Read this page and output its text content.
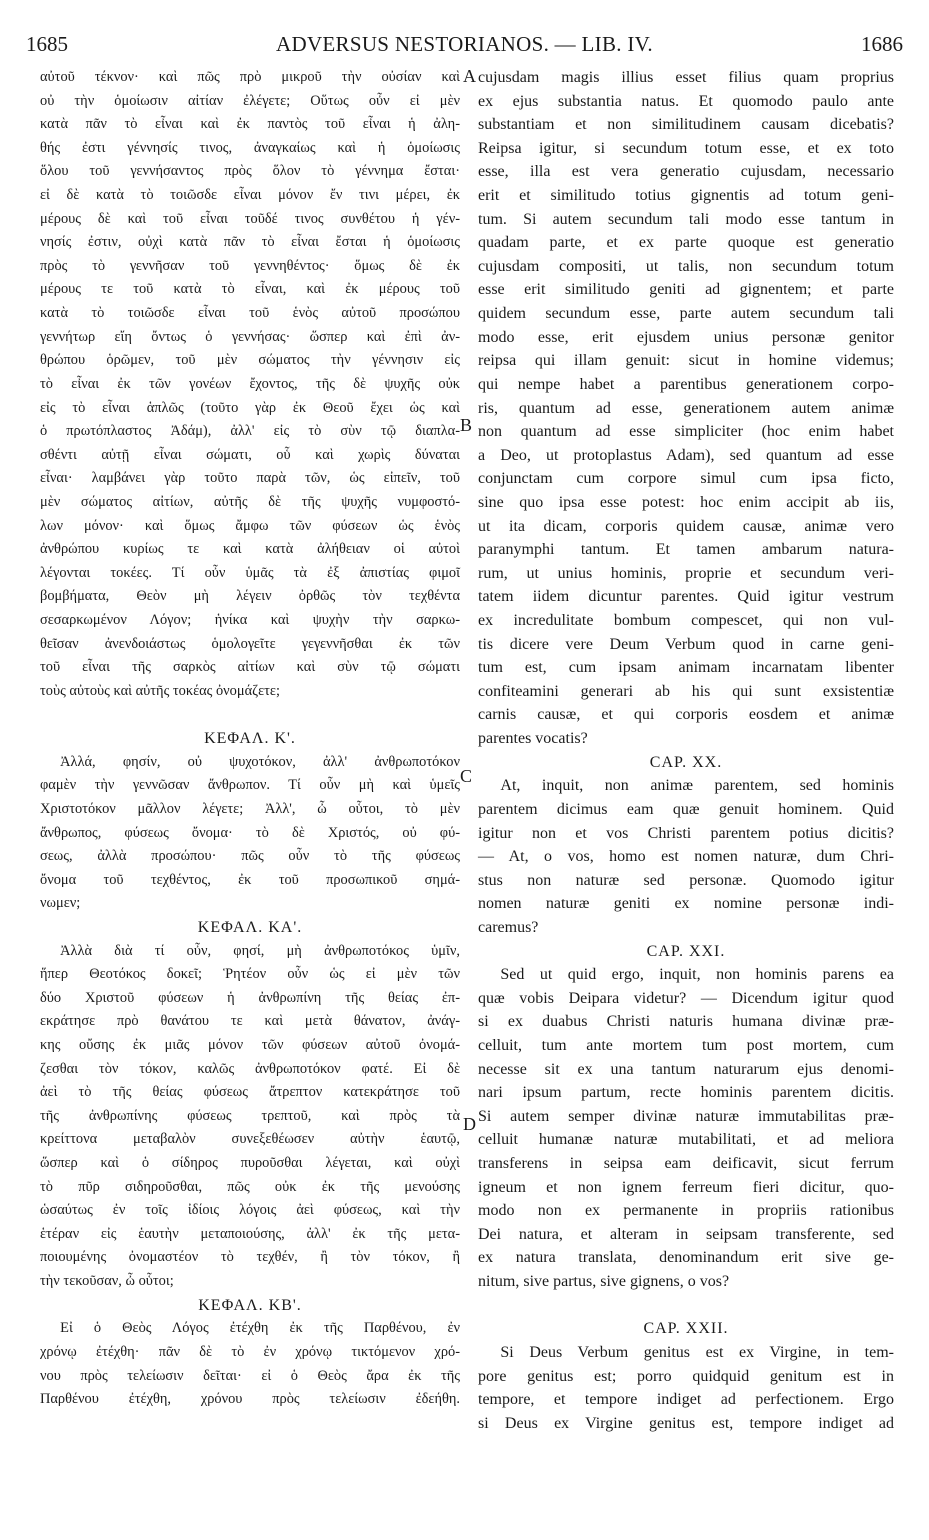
1685	ADVERSUS NESTORIANOS. — LIB. IV.	1686
αὐτοῦ τέκνον· καὶ πῶς πρὸ μικροῦ τὴν οὐσίαν καὶ
οὐ τὴν ὁμοίωσιν αἰτίαν ἐλέγετε; Οὕτως οὖν εἰ μὲν
κατὰ πᾶν τὸ εἶναι καὶ ἐκ παντὸς τοῦ εἶναι ἡ ἀλη-
θής ἐστι γέννησίς τινος, ἀναγκαίως καὶ ἡ ὁμοίωσις
ὅλου τοῦ γεννήσαντος πρὸς ὅλον τὸ γέννημα ἔσται·
εἰ δὲ κατὰ τὸ τοιῶσδε εἶναι μόνον ἔν τινι μέρει, ἐκ
μέρους δὲ καὶ τοῦ εἶναι τοῦδέ τινος συνθέτου ἡ γέν-
νησίς ἐστιν, οὐχὶ κατὰ πᾶν τὸ εἶναι ἔσται ἡ ὁμοίωσις
πρὸς τὸ γεννῆσαν τοῦ γεννηθέντος· ὅμως δὲ ἐκ
μέρους τε τοῦ κατὰ τὸ εἶναι, καὶ ἐκ μέρους τοῦ
κατὰ τὸ τοιῶσδε εἶναι τοῦ ἑνὸς αὐτοῦ προσώπου
γεννήτωρ εἴη ὄντως ὁ γεννήσας· ὥσπερ καὶ ἐπὶ ἀν-
θρώπου ὁρῶμεν, τοῦ μὲν σώματος τὴν γέννησιν εἰς
τὸ εἶναι ἐκ τῶν γονέων ἔχοντος, τῆς δὲ ψυχῆς οὐκ
εἰς τὸ εἶναι ἁπλῶς (τοῦτο γὰρ ἐκ Θεοῦ ἔχει ὡς καὶ
ὁ πρωτόπλαστος Ἀδάμ), ἀλλ' εἰς τὸ σὺν τῷ διαπλα-
σθέντι αὐτῇ εἶναι σώματι, οὗ καὶ χωρὶς δύναται
εἶναι· λαμβάνει γὰρ τοῦτο παρὰ τῶν, ὡς εἰπεῖν, τοῦ
μὲν σώματος αἰτίων, αὐτῆς δὲ τῆς ψυχῆς νυμφοστό-
λων μόνον· καὶ ὅμως ἄμφω τῶν φύσεων ὡς ἑνὸς
ἀνθρώπου κυρίως τε καὶ κατὰ ἀλήθειαν οἱ αὐτοὶ
λέγονται τοκέες. Τί οὖν ὑμᾶς τὰ ἐξ ἀπιστίας φιμοῖ
βομβήματα, Θεὸν μὴ λέγειν ὀρθῶς τὸν τεχθέντα
σεσαρκωμένον Λόγον; ἡνίκα καὶ ψυχὴν τὴν σαρκω-
θεῖσαν ἀνενδοιάστως ὁμολογεῖτε γεγεννῆσθαι ἐκ τῶν
τοῦ εἶναι τῆς σαρκὸς αἰτίων καὶ σὺν τῷ σώματι
τοὺς αὐτοὺς καὶ αὐτῆς τοκέας ὀνομάζετε;
ΚΕΦΑΛ. Κ'.
Ἀλλά, φησίν, οὐ ψυχοτόκον, ἀλλ' ἀνθρωποτόκον
φαμὲν τὴν γεννῶσαν ἄνθρωπον. Τί οὖν μὴ καὶ ὑμεῖς
Χριστοτόκον μᾶλλον λέγετε; Ἀλλ', ὦ οὗτοι, τὸ μὲν
ἄνθρωπος, φύσεως ὄνομα· τὸ δὲ Χριστός, οὐ φύ-
σεως, ἀλλὰ προσώπου· πῶς οὖν τὸ τῆς φύσεως
ὄνομα τοῦ τεχθέντος, ἐκ τοῦ προσωπικοῦ σημά-
νωμεν;
ΚΕΦΑΛ. ΚΑ'.
Ἀλλὰ διὰ τί οὖν, φησί, μὴ ἀνθρωποτόκος ὑμῖν,
ἥπερ Θεοτόκος δοκεῖ; Ῥητέον οὖν ὡς εἰ μὲν τῶν
δύο Χριστοῦ φύσεων ἡ ἀνθρωπίνη τῆς θείας ἐπ-
εκράτησε πρὸ θανάτου τε καὶ μετὰ θάνατον, ἀνάγ-
κης οὔσης ἐκ μιᾶς μόνον τῶν φύσεων αὐτοῦ ὀνομά-
ζεσθαι τὸν τόκον, καλῶς ἀνθρωποτόκον φατέ. Εἰ δὲ
ἀεὶ τὸ τῆς θείας φύσεως ἄτρεπτον κατεκράτησε τοῦ
τῆς ἀνθρωπίνης φύσεως τρεπτοῦ, καὶ πρὸς τὰ
κρείττονα μεταβαλὸν συνεξεθέωσεν αὐτὴν ἑαυτῷ,
ὥσπερ καὶ ὁ σίδηρος πυροῦσθαι λέγεται, καὶ οὐχὶ
τὸ πῦρ σιδηροῦσθαι, πῶς οὐκ ἐκ τῆς μενούσης
ὡσαύτως ἐν τοῖς ἰδίοις λόγοις ἀεὶ φύσεως, καὶ τὴν
ἑτέραν εἰς ἑαυτὴν μεταποιούσης, ἀλλ' ἐκ τῆς μετα-
ποιουμένης ὀνομαστέον τὸ τεχθέν, ἢ τὸν τόκον, ἢ
τὴν τεκοῦσαν, ὦ οὗτοι;
ΚΕΦΑΛ. ΚΒ'.
Εἰ ὁ Θεὸς Λόγος ἐτέχθη ἐκ τῆς Παρθένου, ἐν
χρόνῳ ἐτέχθη· πᾶν δὲ τὸ ἐν χρόνῳ τικτόμενον χρό-
νου πρὸς τελείωσιν δεῖται· εἰ ὁ Θεὸς ἄρα ἐκ τῆς
Παρθένου ἐτέχθη, χρόνου πρὸς τελείωσιν ἐδεήθη.
cujusdam magis illius esset filius quam proprius
ex ejus substantia natus. Et quomodo paulo ante
substantiam et non similitudinem causam dicebatis?
Reipsa igitur, si secundum totum esse, et ex toto
esse, illa est vera generatio cujusdam, necessario
erit et similitudo totius gignentis ad totum geni-
tum. Si autem secundum tali modo esse tantum in
quadam parte, et ex parte quoque est generatio
cujusdam compositi, ut talis, non secundum totum
esse erit similitudo geniti ad gignentem; et parte
quidem secundum esse, parte autem secundum tali
modo esse, erit ejusdem unius personæ genitor
reipsa qui illam genuit: sicut in homine videmus;
qui nempe habet a parentibus generationem corpo-
ris, quantum ad esse, generationem autem animæ
non quantum ad esse simpliciter (hoc enim habet
a Deo, ut protoplastus Adam), sed quantum ad esse
conjunctam cum corpore simul cum ipsa ficto,
sine quo ipsa esse potest: hoc enim accipit ab iis,
ut ita dicam, corporis quidem causæ, animæ vero
paranymphi tantum. Et tamen ambarum natura-
rum, ut unius hominis, proprie et secundum veri-
tatem iidem dicuntur parentes. Quid igitur vestrum
ex incredulitate bombum compescet, qui non vul-
tis dicere vere Deum Verbum quod in carne geni-
tum est, cum ipsam animam incarnatam libenter
confiteamini generari ab his qui sunt exsistentiæ
carnis causæ, et qui corporis eosdem et animæ
parentes vocatis?
CAP. XX.
At, inquit, non animæ parentem, sed hominis
parentem dicimus eam quæ genuit hominem. Quid
igitur non et vos Christi parentem potius dicitis?
— At, o vos, homo est nomen naturæ, dum Chri-
stus non naturæ sed personæ. Quomodo igitur
nomen naturæ geniti ex nomine personæ indi-
caremus?
CAP. XXI.
Sed ut quid ergo, inquit, non hominis parens ea
quæ vobis Deipara videtur? — Dicendum igitur quod
si ex duabus Christi naturis humana divinæ præ-
celluit, tum ante mortem tum post mortem, cum
necesse sit ex una tantum naturarum ejus denomi-
nari ipsum partum, recte hominis parentem dicitis.
Si autem semper divinæ naturæ immutabilitas præ-
celluit humanæ naturæ mutabilitati, et ad meliora
transferens in seipsa eam deificavit, sicut ferrum
igneum et non ignem ferreum fieri dicitur, quo-
modo non ex permanente in propriis rationibus
Dei natura, et alteram in seipsam transferente, sed
ex natura translata, denominandum erit sive ge-
nitum, sive partus, sive gignens, o vos?
CAP. XXII.
Si Deus Verbum genitus est ex Virgine, in tem-
pore genitus est; porro quidquid genitum est in
tempore, et tempore indiget ad perfectionem. Ergo
si Deus ex Virgine genitus est, tempore indiget ad
A
B
C
D
